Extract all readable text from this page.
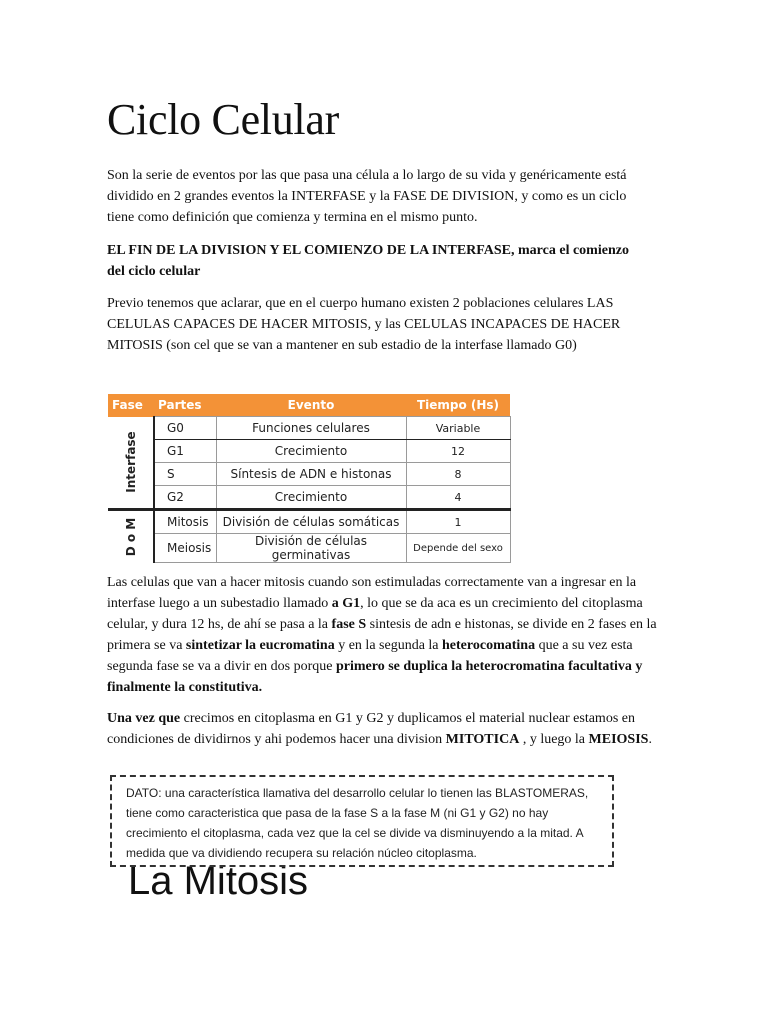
Ciclo Celular

Son la serie de eventos por las que pasa una célula a lo largo de su vida y genéricamente está dividido en 2 grandes eventos la INTERFASE y la FASE DE DIVISION, y como es un ciclo tiene como definición que comienza y termina en el mismo punto.

EL FIN DE LA DIVISION Y EL COMIENZO DE LA INTERFASE, marca el comienzo del ciclo celular

Previo tenemos que aclarar, que en el cuerpo humano existen 2 poblaciones celulares LAS CELULAS CAPACES DE HACER MITOSIS, y las CELULAS INCAPACES DE HACER MITOSIS (son cel que se van a mantener en sub estadio de la interfase llamado G0)

Fase	Partes	Evento	Tiempo (Hs)

Interfase	G0	Funciones celulares	Variable
	G1	Crecimiento	12
	S	Síntesis de ADN e histonas	8
	G2	Crecimiento	4

D o M	Mitosis	División de células somáticas	1
	Meiosis	División de células germinativas	Depende del sexo

Las celulas que van a hacer mitosis cuando son estimuladas correctamente van a ingresar en la interfase luego a un subestadio llamado a G1, lo que se da aca es un crecimiento del citoplasma celular, y dura 12 hs, de ahí se pasa a la fase S sintesis de adn e histonas, se divide en 2 fases en la primera se va sintetizar la eucromatina y en la segunda la heterocomatina que a su vez esta segunda fase se va a divir en dos porque primero se duplica la heterocromatina facultativa y finalmente la constitutiva.

Una vez que crecimos en citoplasma en G1 y G2 y duplicamos el material nuclear estamos en condiciones de dividirnos y ahi podemos hacer una division MITOTICA , y luego la MEIOSIS.

La Mitosis

DATO: una característica llamativa del desarrollo celular lo tienen las BLASTOMERAS, tiene como caracteristica que pasa de la fase S a la fase M (ni G1 y G2) no hay crecimiento el citoplasma, cada vez que la cel se divide va disminuyendo a la mitad. A medida que va dividiendo recupera su relación núcleo citoplasma.
